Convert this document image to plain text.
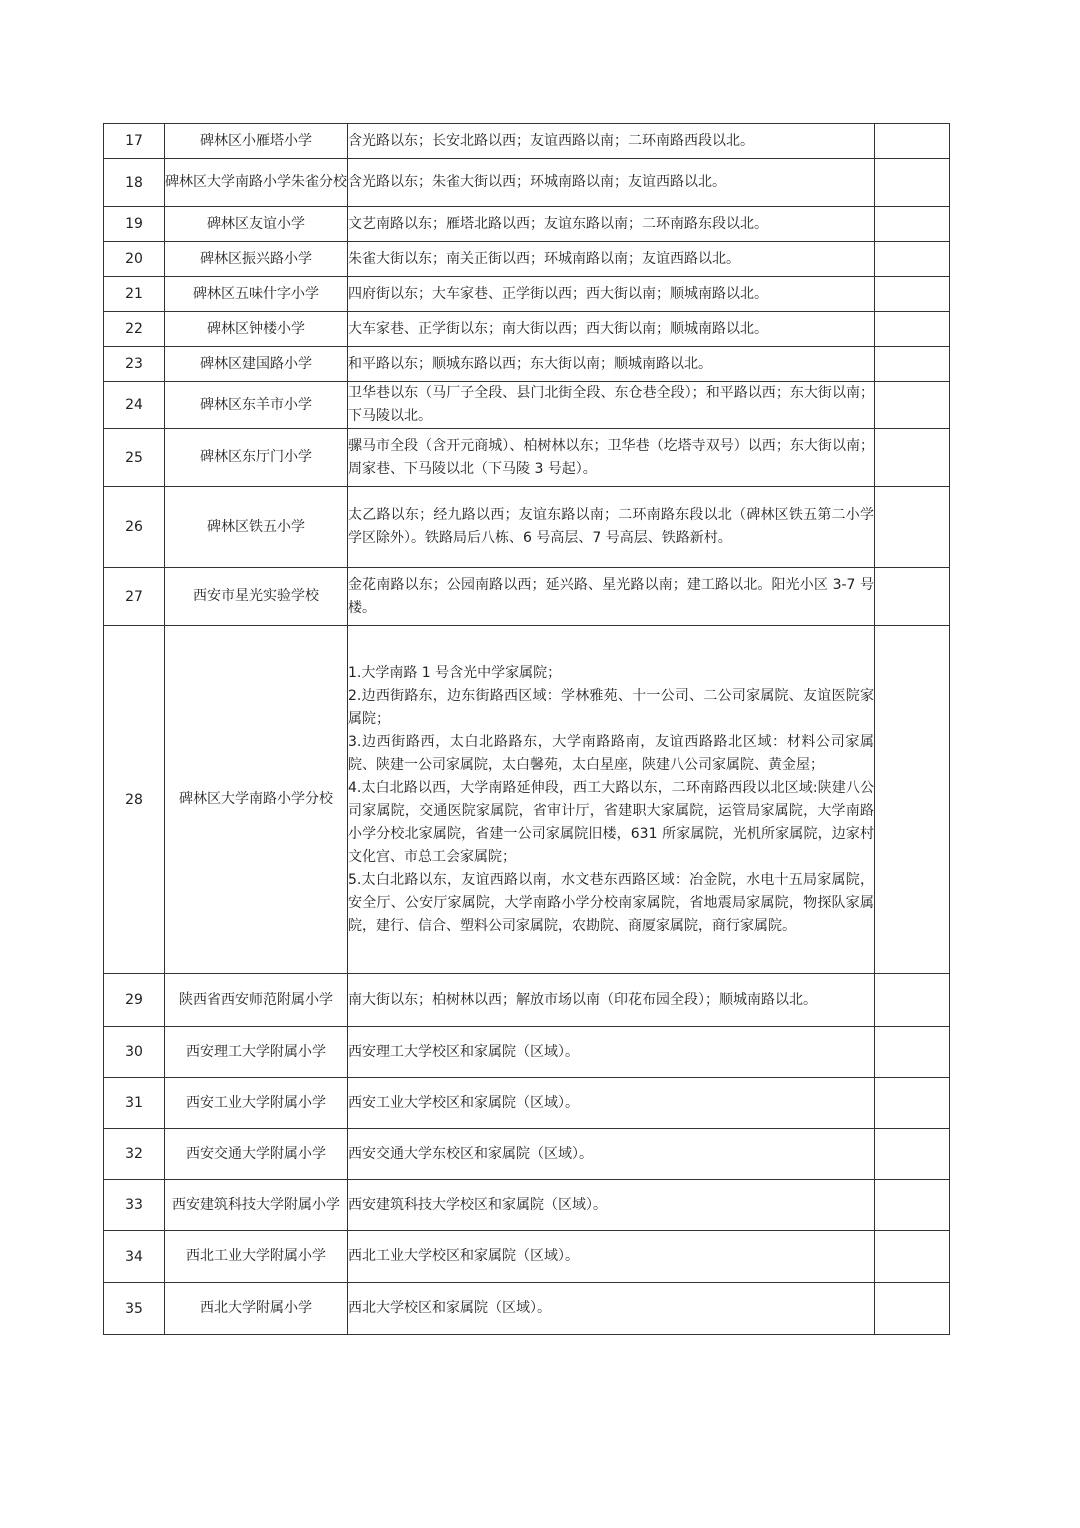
17	碑林区小雁塔小学	含光路以东；长安北路以西；友谊西路以南；二环南路西段以北。	

18	碑林区大学南路小学朱雀分校	含光路以东；朱雀大街以西；环城南路以南；友谊西路以北。	

19	碑林区友谊小学	文艺南路以东；雁塔北路以西；友谊东路以南；二环南路东段以北。	

20	碑林区振兴路小学	朱雀大街以东；南关正街以西；环城南路以南；友谊西路以北。	

21	碑林区五味什字小学	四府街以东；大车家巷、正学街以西；西大街以南；顺城南路以北。	

22	碑林区钟楼小学	大车家巷、正学街以东；南大街以西；西大街以南；顺城南路以北。	

23	碑林区建国路小学	和平路以东；顺城东路以西；东大街以南；顺城南路以北。	

24	碑林区东羊市小学	卫华巷以东（马厂子全段、县门北街全段、东仓巷全段）；和平路以西；东大街以南；下马陵以北。	

25	碑林区东厅门小学	骡马市全段（含开元商城）、柏树林以东；卫华巷（圪塔寺双号）以西；东大街以南；周家巷、下马陵以北（下马陵 3 号起）。	

26	碑林区铁五小学	太乙路以东；经九路以西；友谊东路以南；二环南路东段以北（碑林区铁五第二小学学区除外）。铁路局后八栋、6 号高层、7 号高层、铁路新村。	

27	西安市星光实验学校	金花南路以东；公园南路以西；延兴路、星光路以南；建工路以北。阳光小区 3-7 号楼。	

28	碑林区大学南路小学分校	1.大学南路 1 号含光中学家属院；
2.边西街路东，边东街路西区域：学林雅苑、十一公司、二公司家属院、友谊医院家属院；
3.边西街路西，太白北路路东，大学南路路南，友谊西路路北区域：材料公司家属院、陕建一公司家属院，太白馨苑，太白星座，陕建八公司家属院、黄金屋；
4.太白北路以西，大学南路延伸段，西工大路以东，二环南路西段以北区域:陕建八公司家属院，交通医院家属院，省审计厅，省建职大家属院，运管局家属院，大学南路小学分校北家属院，省建一公司家属院旧楼，631 所家属院，光机所家属院，边家村文化宫、市总工会家属院；
5.太白北路以东，友谊西路以南，水文巷东西路区域：冶金院，水电十五局家属院，安全厅、公安厅家属院，大学南路小学分校南家属院，省地震局家属院，物探队家属院，建行、信合、塑料公司家属院，农勘院、商厦家属院，商行家属院。	

29	陕西省西安师范附属小学	南大街以东；柏树林以西；解放市场以南（印花布园全段）；顺城南路以北。	

30	西安理工大学附属小学	西安理工大学校区和家属院（区域）。	

31	西安工业大学附属小学	西安工业大学校区和家属院（区域）。	

32	西安交通大学附属小学	西安交通大学东校区和家属院（区域）。	

33	西安建筑科技大学附属小学	西安建筑科技大学校区和家属院（区域）。	

34	西北工业大学附属小学	西北工业大学校区和家属院（区域）。	

35	西北大学附属小学	西北大学校区和家属院（区域）。	
